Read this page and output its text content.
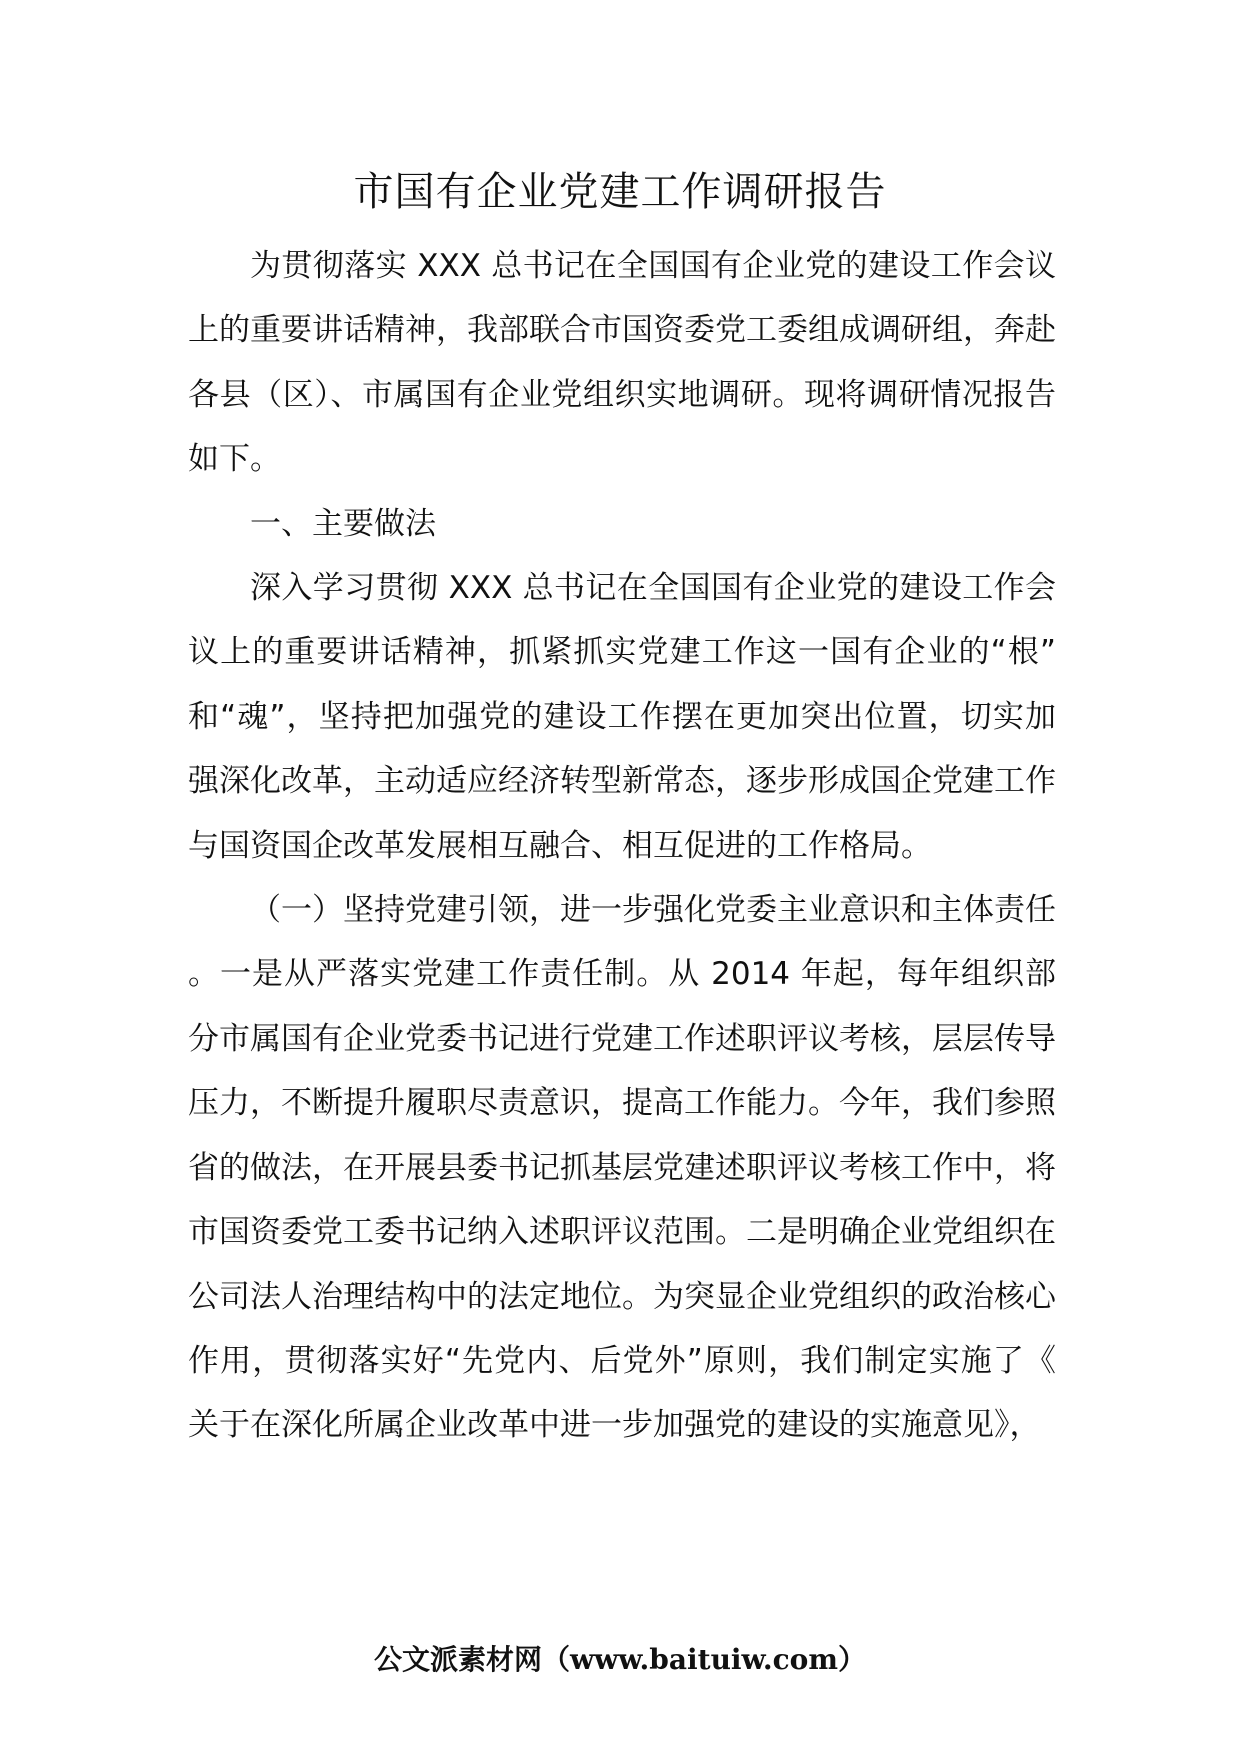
市国有企业党建工作调研报告

为贯彻落实 XXX 总书记在全国国有企业党的建设工作会议上的重要讲话精神，我部联合市国资委党工委组成调研组，奔赴各县（区）、市属国有企业党组织实地调研。现将调研情况报告如下。

一、主要做法

深入学习贯彻 XXX 总书记在全国国有企业党的建设工作会议上的重要讲话精神，抓紧抓实党建工作这一国有企业的“根”和“魂”，坚持把加强党的建设工作摆在更加突出位置，切实加强深化改革，主动适应经济转型新常态，逐步形成国企党建工作与国资国企改革发展相互融合、相互促进的工作格局。

（一）坚持党建引领，进一步强化党委主业意识和主体责任。一是从严落实党建工作责任制。从 2014 年起，每年组织部分市属国有企业党委书记进行党建工作述职评议考核，层层传导压力，不断提升履职尽责意识，提高工作能力。今年，我们参照省的做法，在开展县委书记抓基层党建述职评议考核工作中，将市国资委党工委书记纳入述职评议范围。二是明确企业党组织在公司法人治理结构中的法定地位。为突显企业党组织的政治核心作用，贯彻落实好“先党内、后党外”原则，我们制定实施了《关于在深化所属企业改革中进一步加强党的建设的实施意见》，

公文派素材网（www.baituiw.com）
